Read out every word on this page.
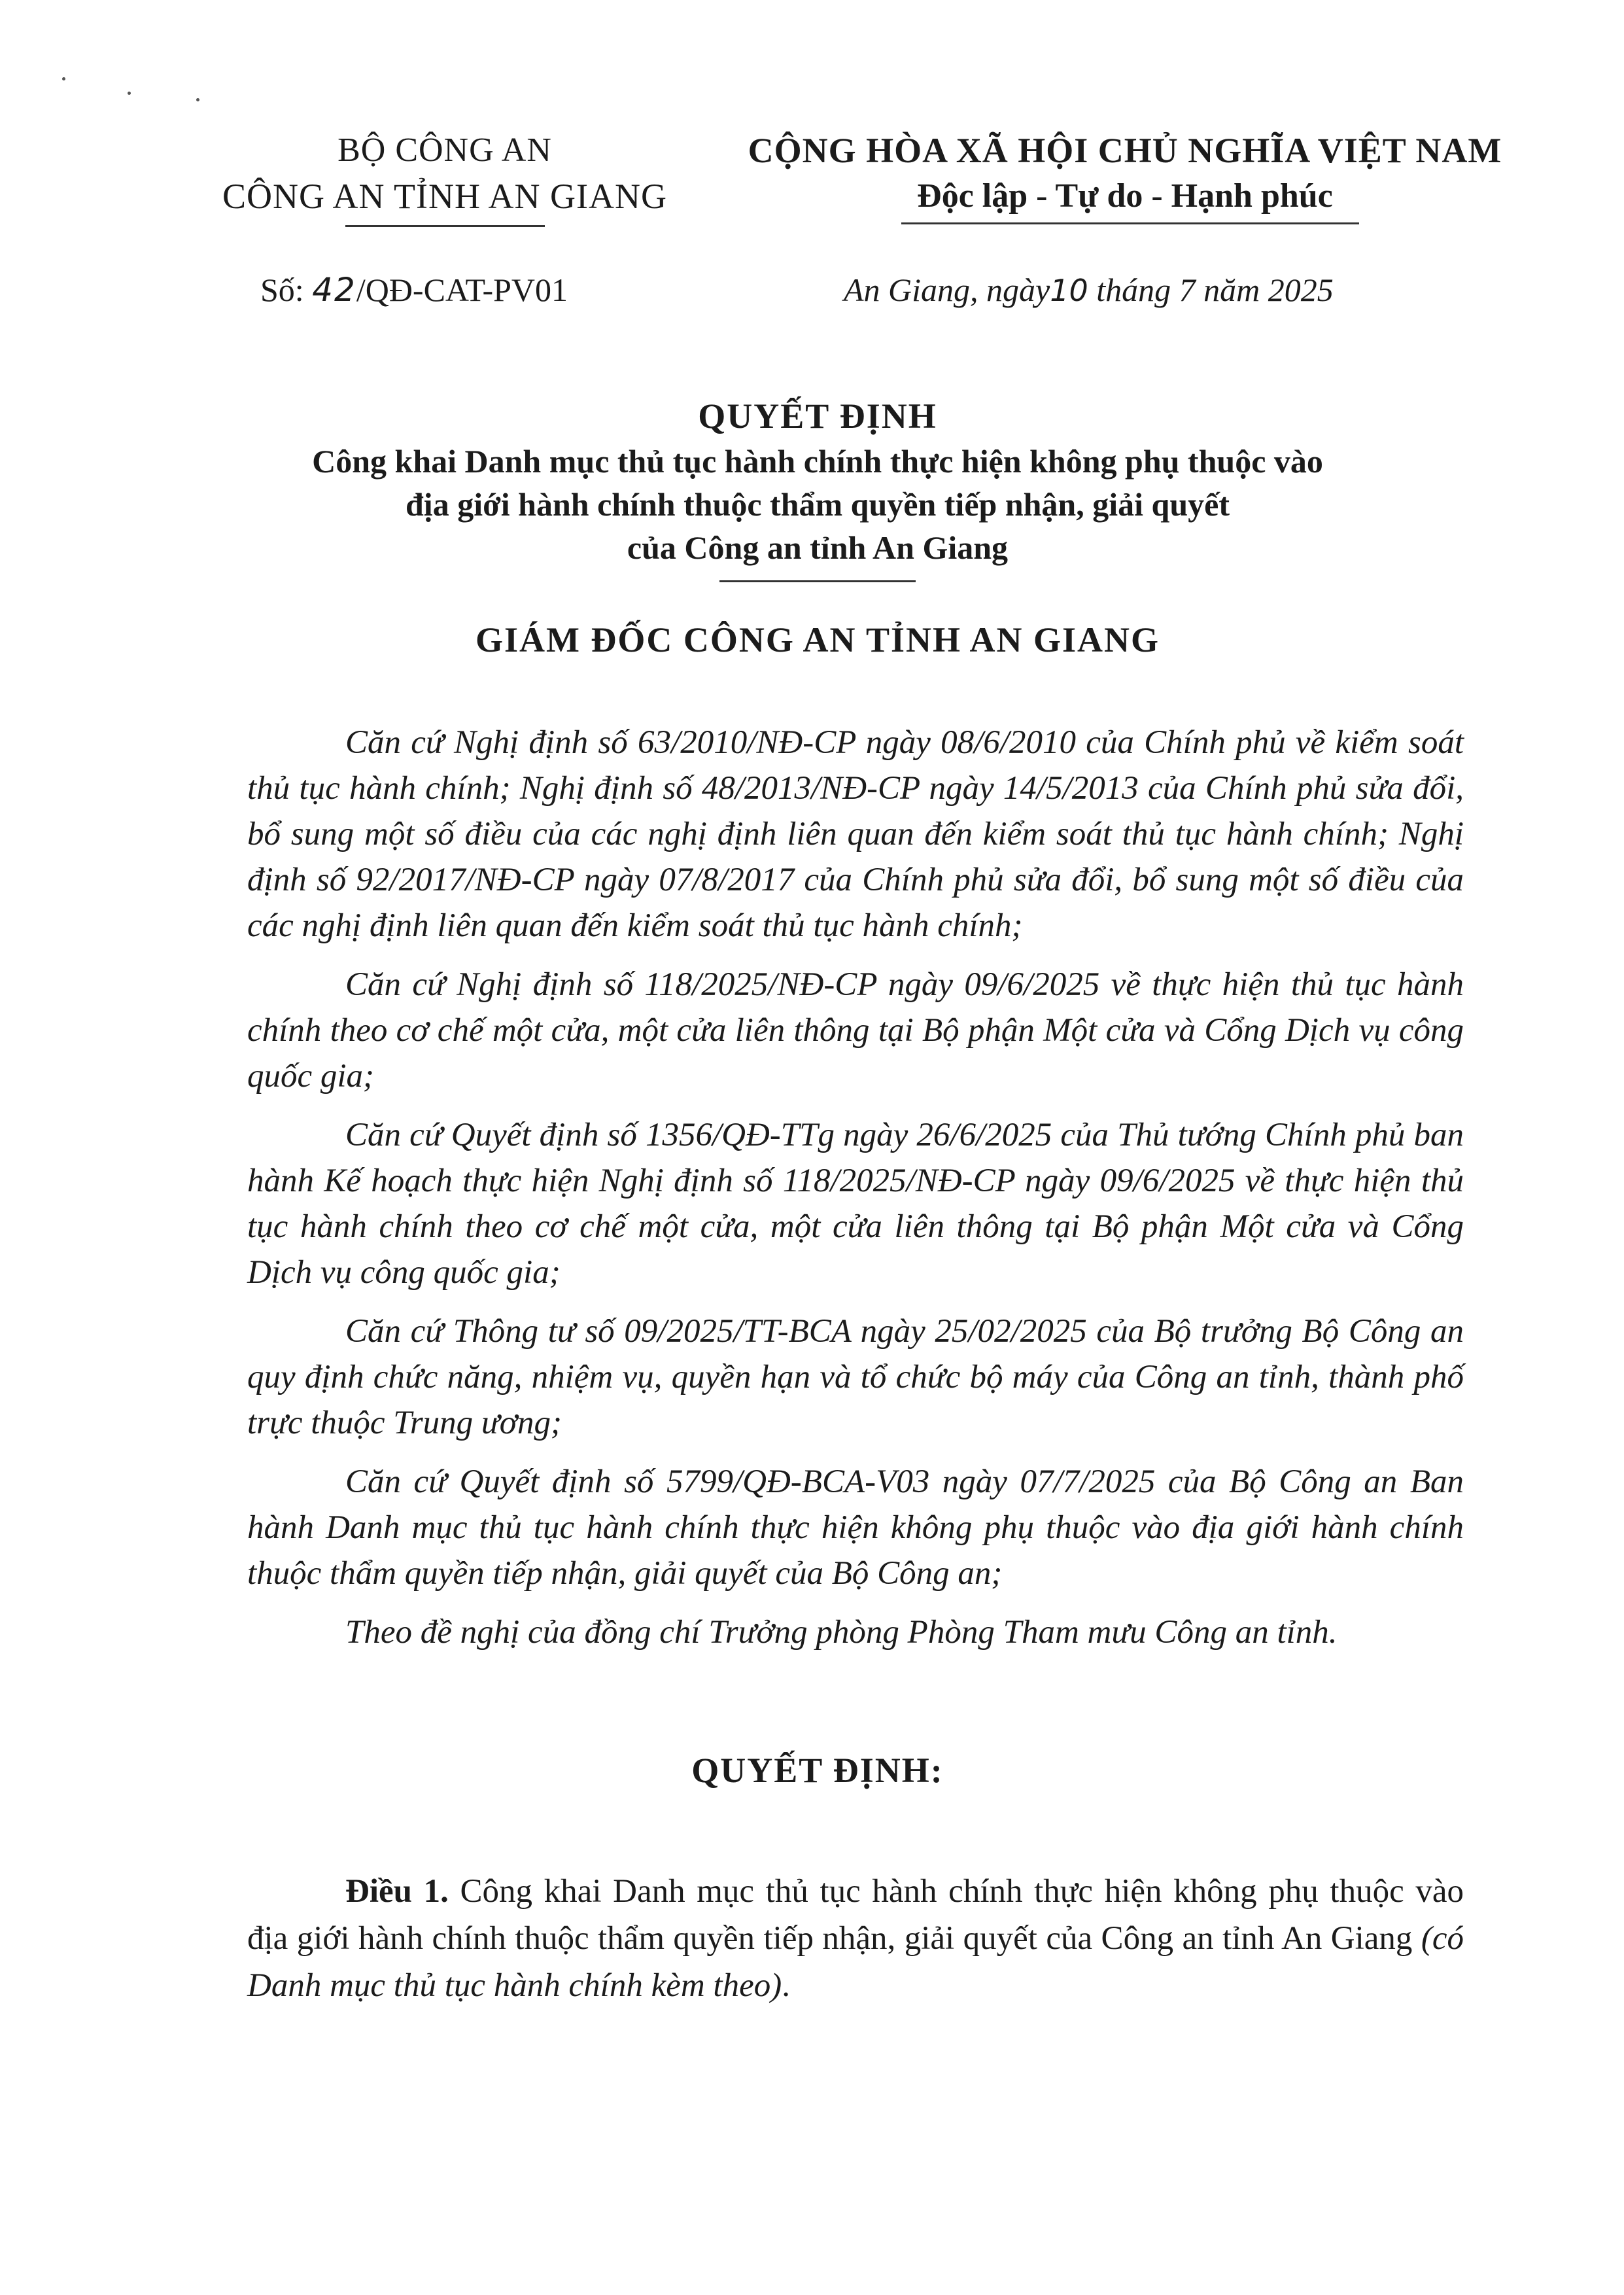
BỘ CÔNG AN
CÔNG AN TỈNH AN GIANG
CỘNG HÒA XÃ HỘI CHỦ NGHĨA VIỆT NAM
Độc lập - Tự do - Hạnh phúc
Số: 42/QĐ-CAT-PV01	An Giang, ngày10 tháng 7 năm 2025
QUYẾT ĐỊNH
Công khai Danh mục thủ tục hành chính thực hiện không phụ thuộc vào
địa giới hành chính thuộc thẩm quyền tiếp nhận, giải quyết
của Công an tỉnh An Giang
GIÁM ĐỐC CÔNG AN TỈNH AN GIANG

Căn cứ Nghị định số 63/2010/NĐ-CP ngày 08/6/2010 của Chính phủ về kiểm soát thủ tục hành chính; Nghị định số 48/2013/NĐ-CP ngày 14/5/2013 của Chính phủ sửa đổi, bổ sung một số điều của các nghị định liên quan đến kiểm soát thủ tục hành chính; Nghị định số 92/2017/NĐ-CP ngày 07/8/2017 của Chính phủ sửa đổi, bổ sung một số điều của các nghị định liên quan đến kiểm soát thủ tục hành chính;

Căn cứ Nghị định số 118/2025/NĐ-CP ngày 09/6/2025 về thực hiện thủ tục hành chính theo cơ chế một cửa, một cửa liên thông tại Bộ phận Một cửa và Cổng Dịch vụ công quốc gia;

Căn cứ Quyết định số 1356/QĐ-TTg ngày 26/6/2025 của Thủ tướng Chính phủ ban hành Kế hoạch thực hiện Nghị định số 118/2025/NĐ-CP ngày 09/6/2025 về thực hiện thủ tục hành chính theo cơ chế một cửa, một cửa liên thông tại Bộ phận Một cửa và Cổng Dịch vụ công quốc gia;

Căn cứ Thông tư số 09/2025/TT-BCA ngày 25/02/2025 của Bộ trưởng Bộ Công an quy định chức năng, nhiệm vụ, quyền hạn và tổ chức bộ máy của Công an tỉnh, thành phố trực thuộc Trung ương;

Căn cứ Quyết định số 5799/QĐ-BCA-V03 ngày 07/7/2025 của Bộ Công an Ban hành Danh mục thủ tục hành chính thực hiện không phụ thuộc vào địa giới hành chính thuộc thẩm quyền tiếp nhận, giải quyết của Bộ Công an;

Theo đề nghị của đồng chí Trưởng phòng Phòng Tham mưu Công an tỉnh.

QUYẾT ĐỊNH:

Điều 1. Công khai Danh mục thủ tục hành chính thực hiện không phụ thuộc vào địa giới hành chính thuộc thẩm quyền tiếp nhận, giải quyết của Công an tỉnh An Giang (có Danh mục thủ tục hành chính kèm theo).
